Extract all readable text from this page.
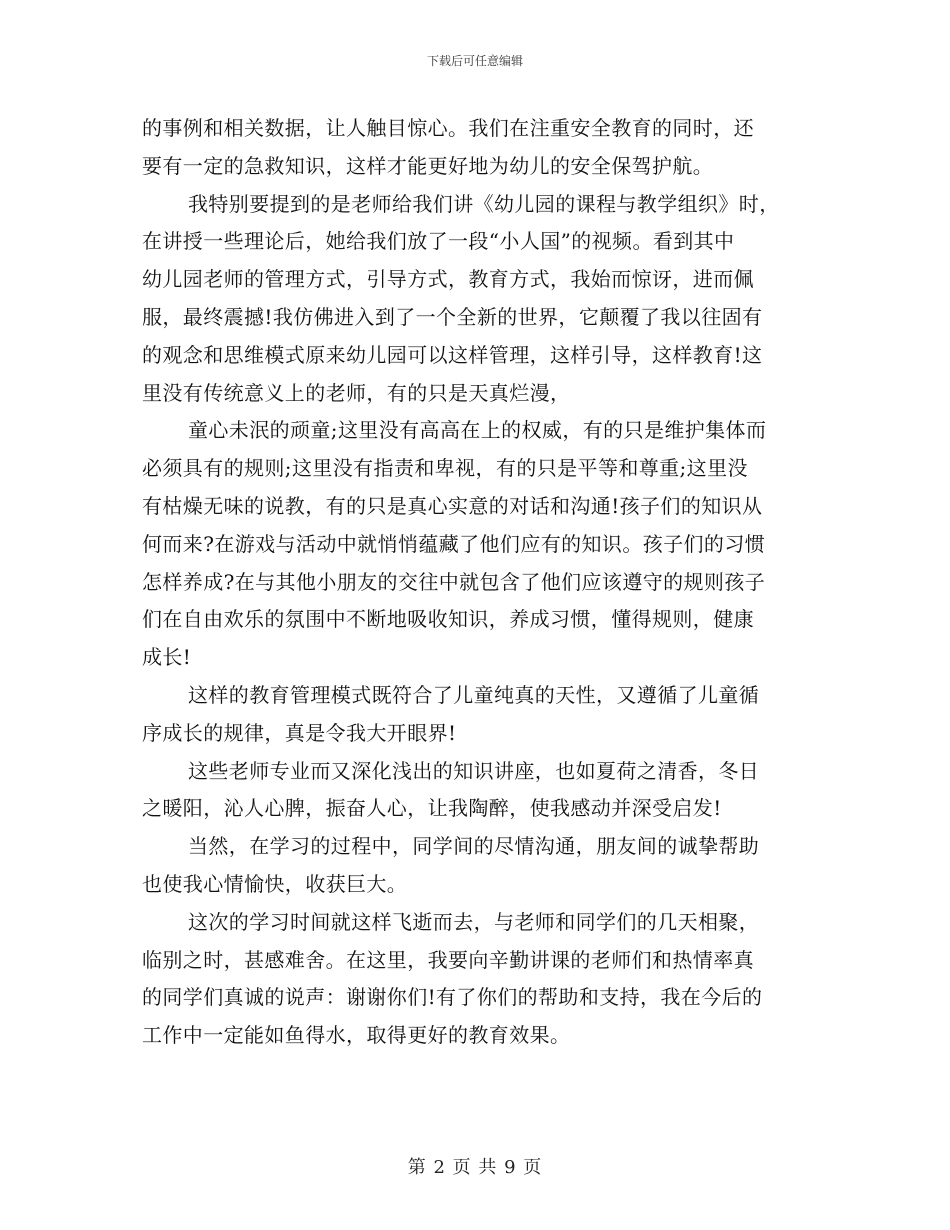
下载后可任意编辑
的事例和相关数据，让人触目惊心。我们在注重安全教育的同时，还
要有一定的急救知识，这样才能更好地为幼儿的安全保驾护航。
我特别要提到的是老师给我们讲《幼儿园的课程与教学组织》时，
在讲授一些理论后，她给我们放了一段“小人国”的视频。看到其中
幼儿园老师的管理方式，引导方式，教育方式，我始而惊讶，进而佩
服，最终震撼!我仿佛进入到了一个全新的世界，它颠覆了我以往固有
的观念和思维模式原来幼儿园可以这样管理，这样引导，这样教育!这
里没有传统意义上的老师，有的只是天真烂漫，
童心未泯的顽童;这里没有高高在上的权威，有的只是维护集体而
必须具有的规则;这里没有指责和卑视，有的只是平等和尊重;这里没
有枯燥无味的说教，有的只是真心实意的对话和沟通!孩子们的知识从
何而来?在游戏与活动中就悄悄蕴藏了他们应有的知识。孩子们的习惯
怎样养成?在与其他小朋友的交往中就包含了他们应该遵守的规则孩子
们在自由欢乐的氛围中不断地吸收知识，养成习惯，懂得规则，健康
成长!
这样的教育管理模式既符合了儿童纯真的天性，又遵循了儿童循
序成长的规律，真是令我大开眼界!
这些老师专业而又深化浅出的知识讲座，也如夏荷之清香，冬日
之暖阳，沁人心脾，振奋人心，让我陶醉，使我感动并深受启发!
当然，在学习的过程中，同学间的尽情沟通，朋友间的诚挚帮助
也使我心情愉快，收获巨大。
这次的学习时间就这样飞逝而去，与老师和同学们的几天相聚，
临别之时，甚感难舍。在这里，我要向辛勤讲课的老师们和热情率真
的同学们真诚的说声：谢谢你们!有了你们的帮助和支持，我在今后的
工作中一定能如鱼得水，取得更好的教育效果。
第 2 页 共 9 页
